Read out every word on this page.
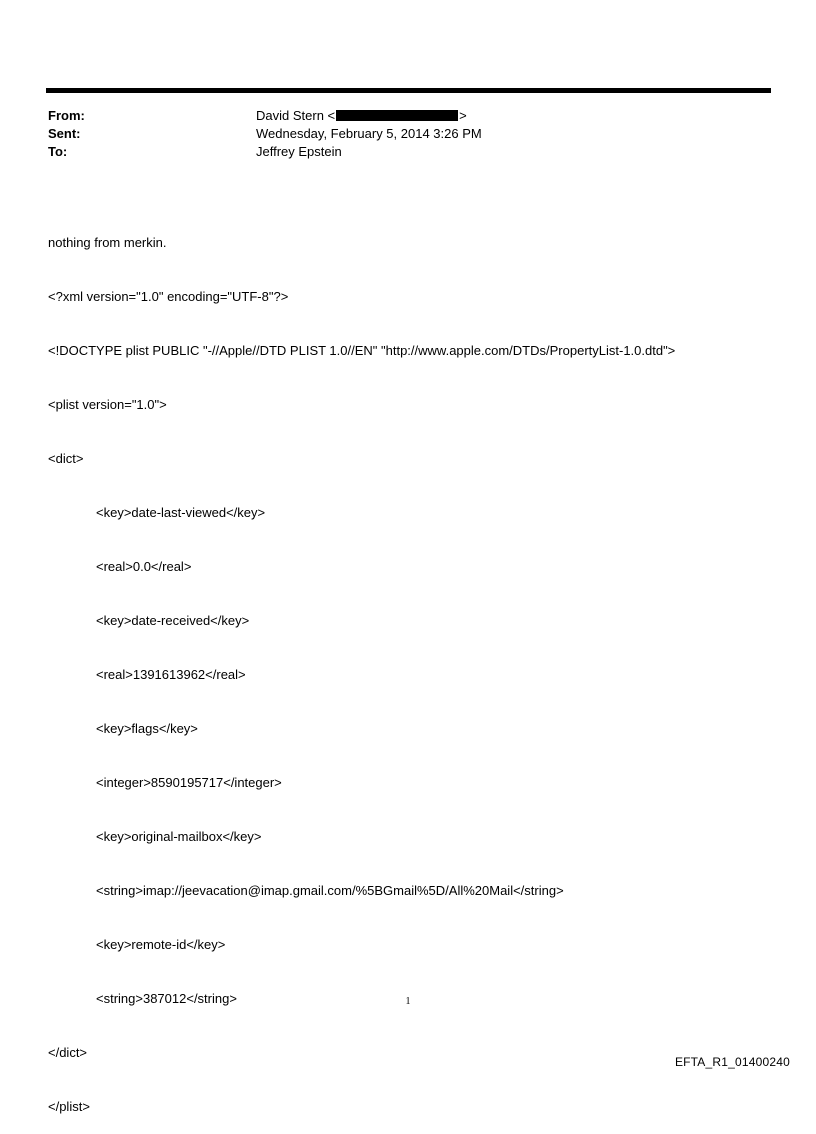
From:	David Stern <	>
Sent:	Wednesday, February 5, 2014 3:26 PM
To:	Jeffrey Epstein

nothing from merkin.

<?xml version="1.0" encoding="UTF-8"?>

<!DOCTYPE plist PUBLIC "-//Apple//DTD PLIST 1.0//EN" "http://www.apple.com/DTDs/PropertyList-1.0.dtd">

<plist version="1.0">

<dict>

<key>date-last-viewed</key>

<real>0.0</real>

<key>date-received</key>

<real>1391613962</real>

<key>flags</key>

<integer>8590195717</integer>

<key>original-mailbox</key>

<string>imap://jeevacation@imap.gmail.com/%5BGmail%5D/All%20Mail</string>

<key>remote-id</key>

<string>387012</string>

</dict>

</plist>

1
EFTA_R1_01400240
